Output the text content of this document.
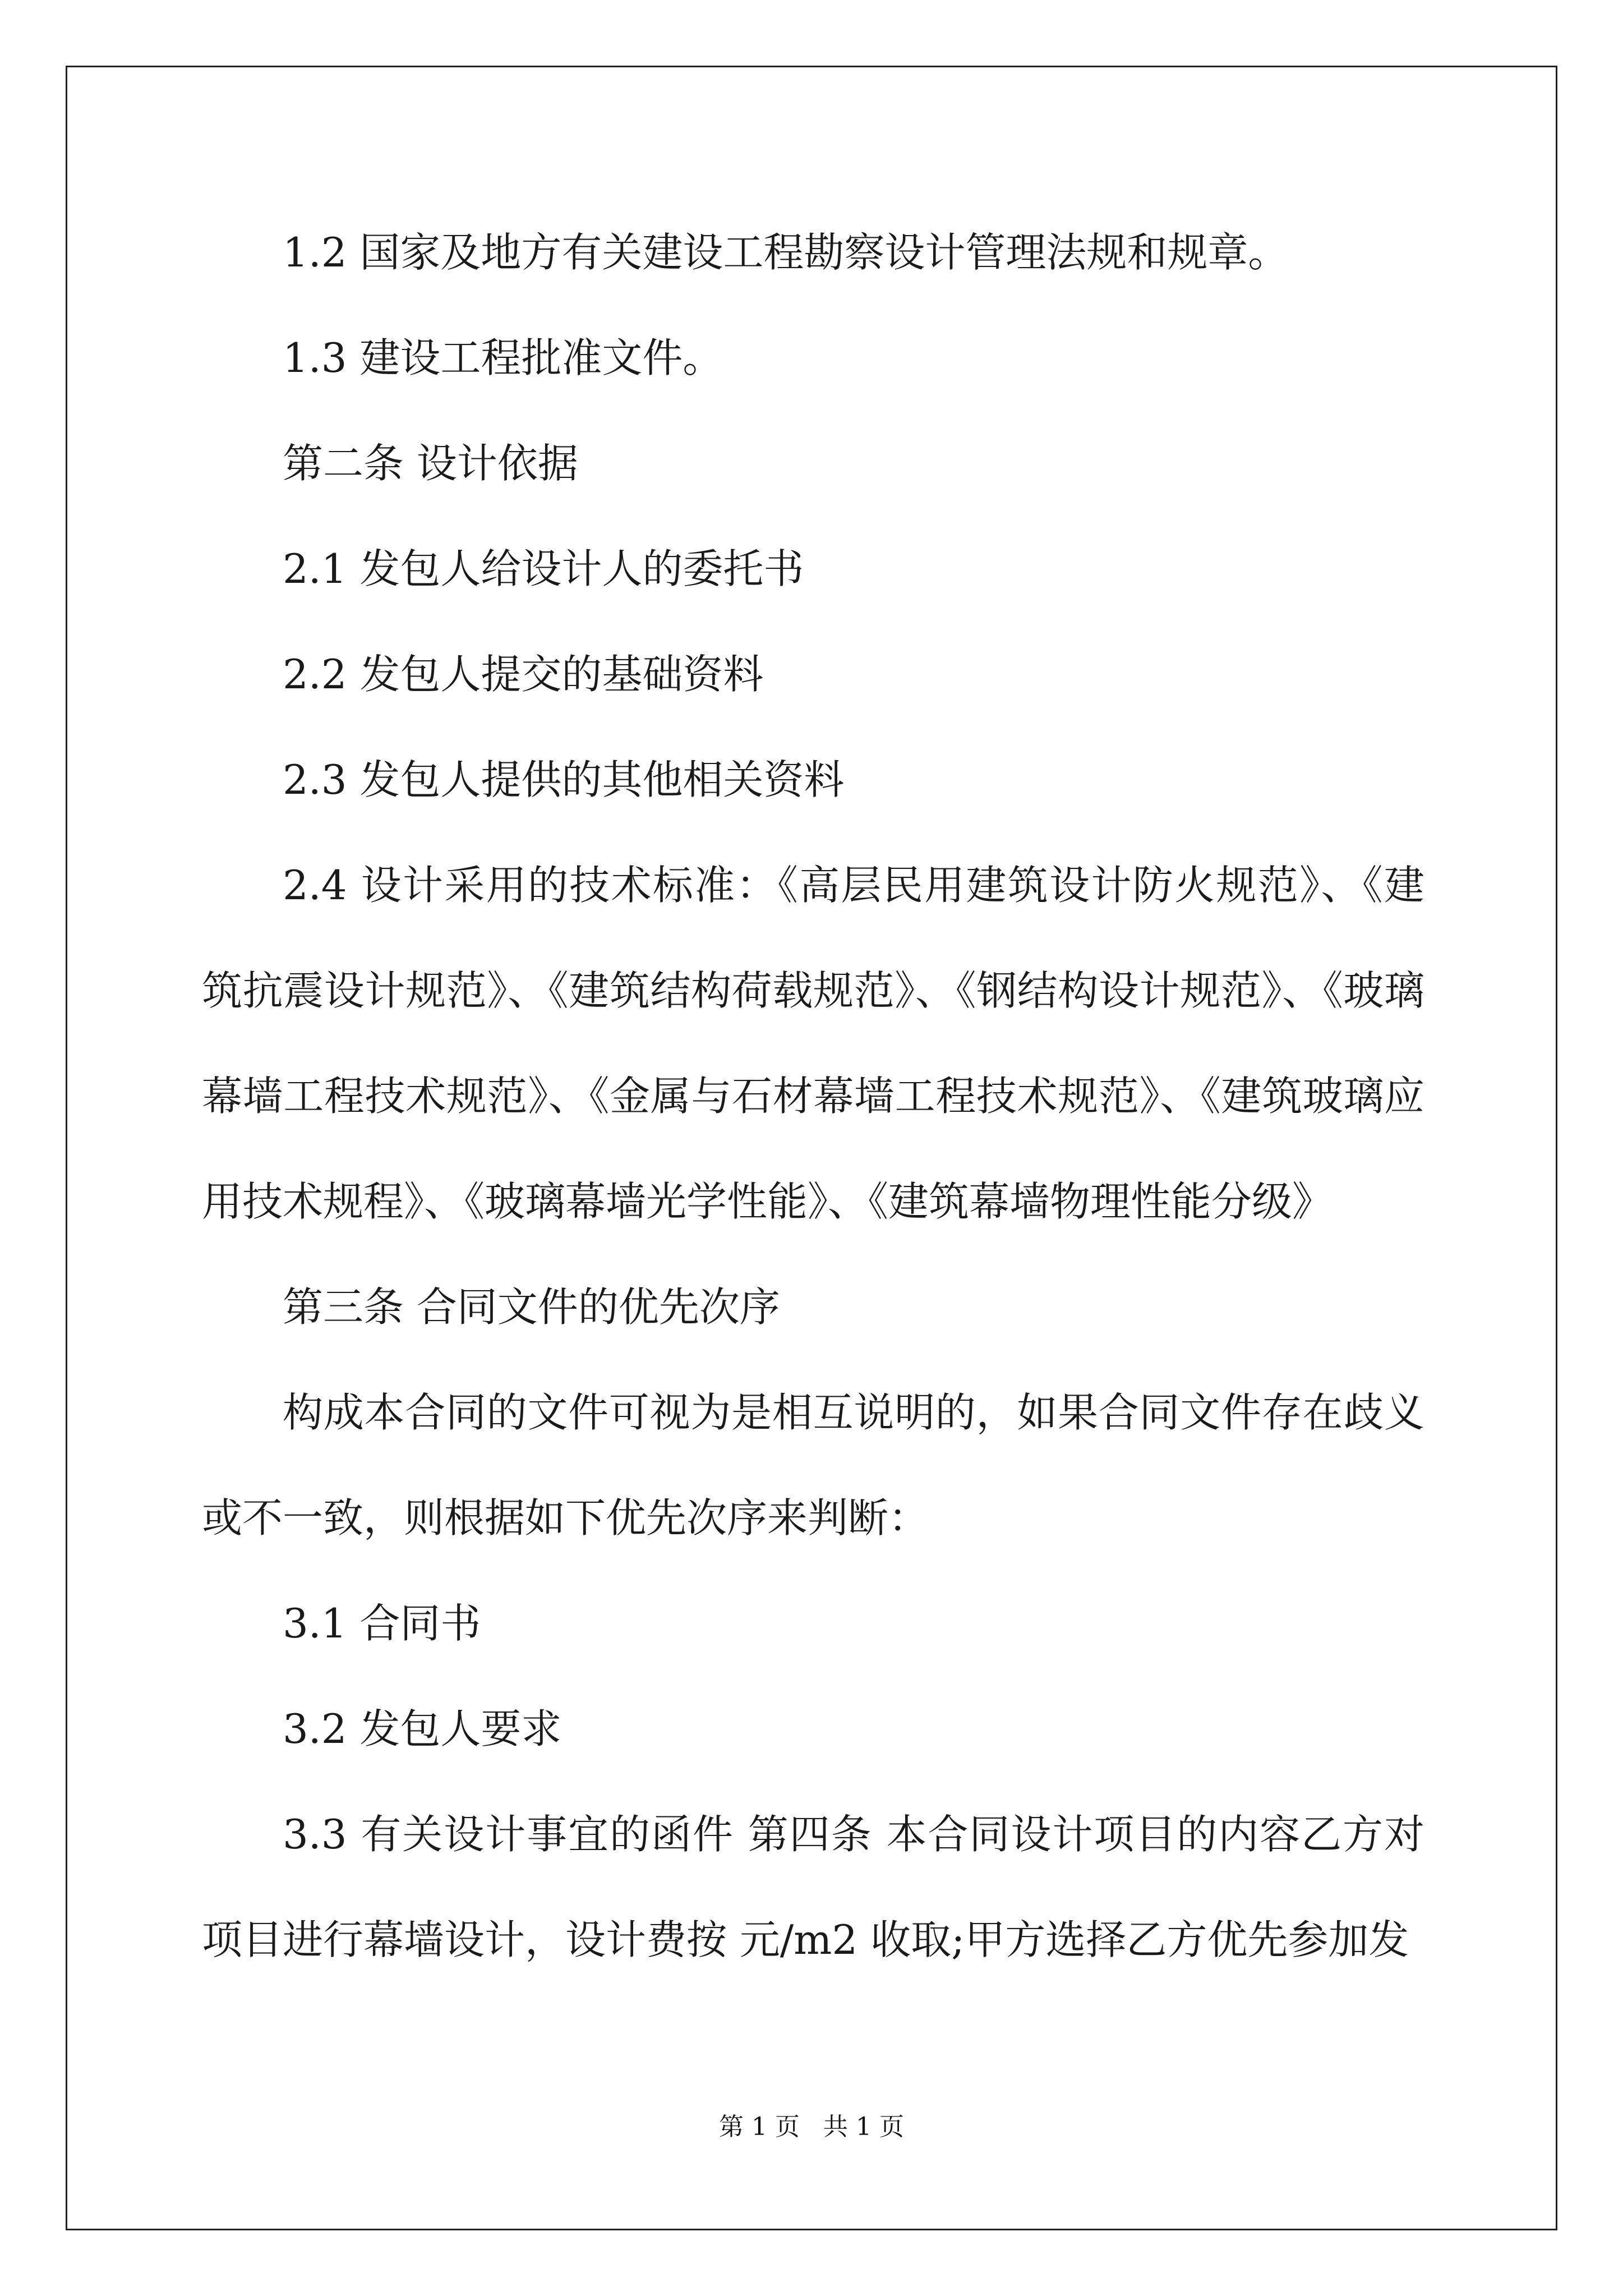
1.2 国家及地方有关建设工程勘察设计管理法规和规章。
1.3 建设工程批准文件。
第二条 设计依据
2.1 发包人给设计人的委托书
2.2 发包人提交的基础资料
2.3 发包人提供的其他相关资料
2.4 设计采用的技术标准：《高层民用建筑设计防火规范》、《建筑抗震设计规范》、《建筑结构荷载规范》、《钢结构设计规范》、《玻璃幕墙工程技术规范》、《金属与石材幕墙工程技术规范》、《建筑玻璃应用技术规程》、《玻璃幕墙光学性能》、《建筑幕墙物理性能分级》
第三条 合同文件的优先次序
构成本合同的文件可视为是相互说明的，如果合同文件存在歧义或不一致，则根据如下优先次序来判断：
3.1 合同书
3.2 发包人要求
3.3 有关设计事宜的函件 第四条 本合同设计项目的内容乙方对项目进行幕墙设计，设计费按 元/m2 收取;甲方选择乙方优先参加发
第 1 页 共 1 页
